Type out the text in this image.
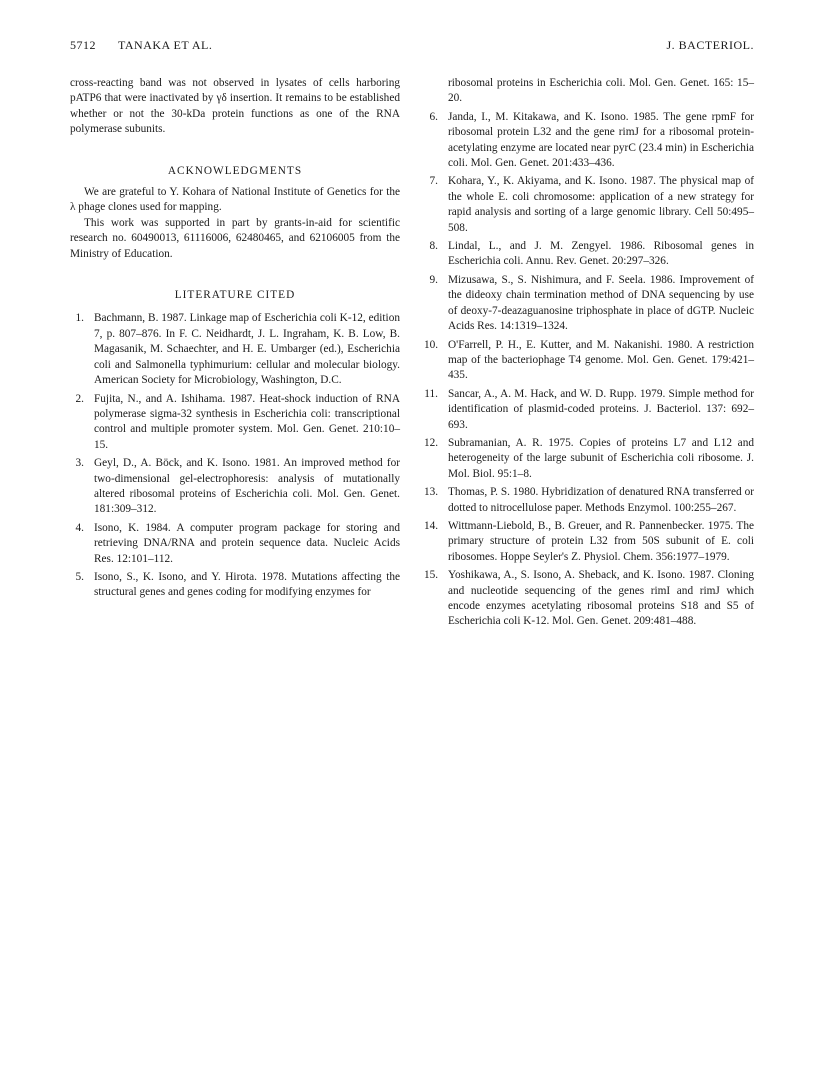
5712 TANAKA ET AL.	J. BACTERIOL.

cross-reacting band was not observed in lysates of cells harboring pATP6 that were inactivated by γδ insertion. It remains to be established whether or not the 30-kDa protein functions as one of the RNA polymerase subunits.

ACKNOWLEDGMENTS

We are grateful to Y. Kohara of National Institute of Genetics for the λ phage clones used for mapping.

This work was supported in part by grants-in-aid for scientific research no. 60490013, 61116006, 62480465, and 62106005 from the Ministry of Education.

LITERATURE CITED
1. Bachmann, B. 1987. Linkage map of Escherichia coli K-12, edition 7, p. 807–876. In F. C. Neidhardt, J. L. Ingraham, K. B. Low, B. Magasanik, M. Schaechter, and H. E. Umbarger (ed.), Escherichia coli and Salmonella typhimurium: cellular and molecular biology. American Society for Microbiology, Washington, D.C.
2. Fujita, N., and A. Ishihama. 1987. Heat-shock induction of RNA polymerase sigma-32 synthesis in Escherichia coli: transcriptional control and multiple promoter system. Mol. Gen. Genet. 210:10–15.
3. Geyl, D., A. Böck, and K. Isono. 1981. An improved method for two-dimensional gel-electrophoresis: analysis of mutationally altered ribosomal proteins of Escherichia coli. Mol. Gen. Genet. 181:309–312.
4. Isono, K. 1984. A computer program package for storing and retrieving DNA/RNA and protein sequence data. Nucleic Acids Res. 12:101–112.
5. Isono, S., K. Isono, and Y. Hirota. 1978. Mutations affecting the structural genes and genes coding for modifying enzymes for
ribosomal proteins in Escherichia coli. Mol. Gen. Genet. 165: 15–20.
6. Janda, I., M. Kitakawa, and K. Isono. 1985. The gene rpmF for ribosomal protein L32 and the gene rimJ for a ribosomal protein-acetylating enzyme are located near pyrC (23.4 min) in Escherichia coli. Mol. Gen. Genet. 201:433–436.
7. Kohara, Y., K. Akiyama, and K. Isono. 1987. The physical map of the whole E. coli chromosome: application of a new strategy for rapid analysis and sorting of a large genomic library. Cell 50:495–508.
8. Lindal, L., and J. M. Zengyel. 1986. Ribosomal genes in Escherichia coli. Annu. Rev. Genet. 20:297–326.
9. Mizusawa, S., S. Nishimura, and F. Seela. 1986. Improvement of the dideoxy chain termination method of DNA sequencing by use of deoxy-7-deazaguanosine triphosphate in place of dGTP. Nucleic Acids Res. 14:1319–1324.
10. O'Farrell, P. H., E. Kutter, and M. Nakanishi. 1980. A restriction map of the bacteriophage T4 genome. Mol. Gen. Genet. 179:421–435.
11. Sancar, A., A. M. Hack, and W. D. Rupp. 1979. Simple method for identification of plasmid-coded proteins. J. Bacteriol. 137: 692–693.
12. Subramanian, A. R. 1975. Copies of proteins L7 and L12 and heterogeneity of the large subunit of Escherichia coli ribosome. J. Mol. Biol. 95:1–8.
13. Thomas, P. S. 1980. Hybridization of denatured RNA transferred or dotted to nitrocellulose paper. Methods Enzymol. 100:255–267.
14. Wittmann-Liebold, B., B. Greuer, and R. Pannenbecker. 1975. The primary structure of protein L32 from 50S subunit of E. coli ribosomes. Hoppe Seyler's Z. Physiol. Chem. 356:1977–1979.
15. Yoshikawa, A., S. Isono, A. Sheback, and K. Isono. 1987. Cloning and nucleotide sequencing of the genes rimI and rimJ which encode enzymes acetylating ribosomal proteins S18 and S5 of Escherichia coli K-12. Mol. Gen. Genet. 209:481–488.
